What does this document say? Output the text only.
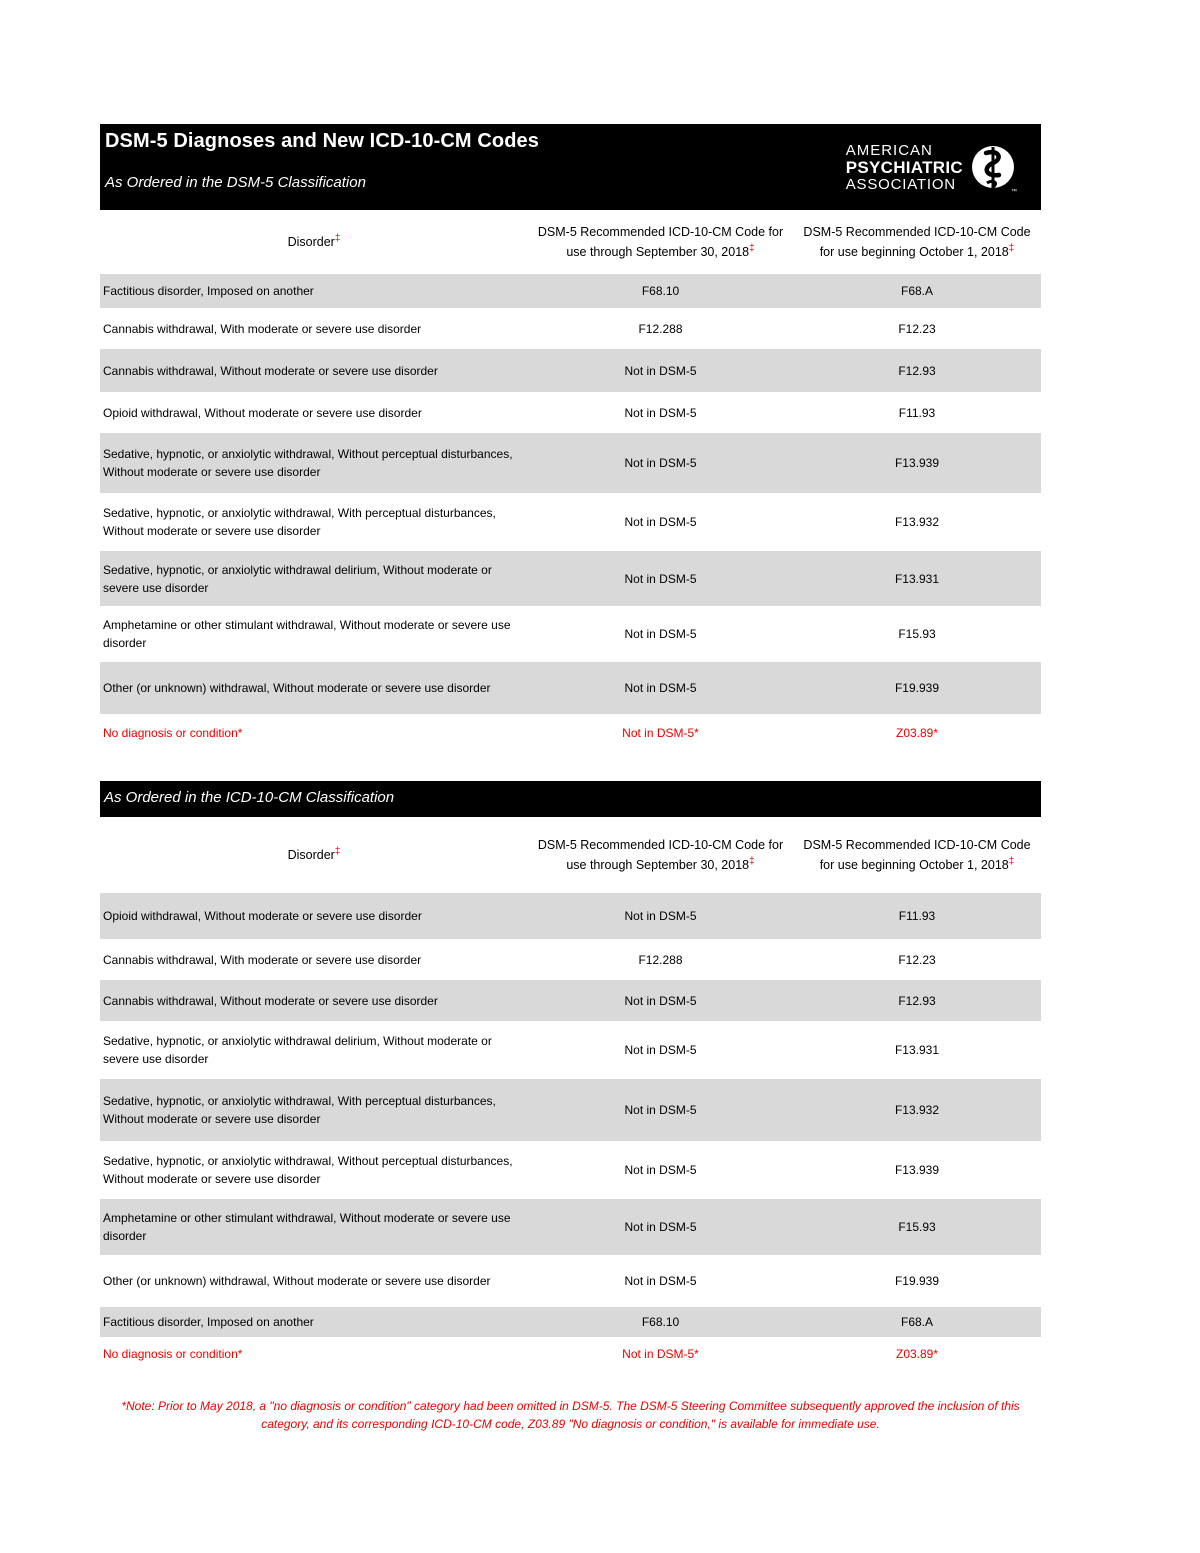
DSM-5 Diagnoses and New ICD-10-CM Codes
As Ordered in the DSM-5 Classification
AMERICAN
PSYCHIATRIC
ASSOCIATION	™
Disorder‡	DSM-5 Recommended ICD-10-CM Code for use through September 30, 2018‡	DSM-5 Recommended ICD-10-CM Code for use beginning October 1, 2018‡
Factitious disorder, Imposed on another	F68.10	F68.A
Cannabis withdrawal, With moderate or severe use disorder	F12.288	F12.23
Cannabis withdrawal, Without moderate or severe use disorder	Not in DSM-5	F12.93
Opioid withdrawal, Without moderate or severe use disorder	Not in DSM-5	F11.93
Sedative, hypnotic, or anxiolytic withdrawal, Without perceptual disturbances, Without moderate or severe use disorder	Not in DSM-5	F13.939
Sedative, hypnotic, or anxiolytic withdrawal, With perceptual disturbances, Without moderate or severe use disorder	Not in DSM-5	F13.932
Sedative, hypnotic, or anxiolytic withdrawal delirium, Without moderate or severe use disorder	Not in DSM-5	F13.931
Amphetamine or other stimulant withdrawal, Without moderate or severe use disorder	Not in DSM-5	F15.93
Other (or unknown) withdrawal, Without moderate or severe use disorder	Not in DSM-5	F19.939
No diagnosis or condition*	Not in DSM-5*	Z03.89*
As Ordered in the ICD-10-CM Classification
Disorder‡	DSM-5 Recommended ICD-10-CM Code for use through September 30, 2018‡	DSM-5 Recommended ICD-10-CM Code for use beginning October 1, 2018‡
Opioid withdrawal, Without moderate or severe use disorder	Not in DSM-5	F11.93
Cannabis withdrawal, With moderate or severe use disorder	F12.288	F12.23
Cannabis withdrawal, Without moderate or severe use disorder	Not in DSM-5	F12.93
Sedative, hypnotic, or anxiolytic withdrawal delirium, Without moderate or severe use disorder	Not in DSM-5	F13.931
Sedative, hypnotic, or anxiolytic withdrawal, With perceptual disturbances, Without moderate or severe use disorder	Not in DSM-5	F13.932
Sedative, hypnotic, or anxiolytic withdrawal, Without perceptual disturbances, Without moderate or severe use disorder	Not in DSM-5	F13.939
Amphetamine or other stimulant withdrawal, Without moderate or severe use disorder	Not in DSM-5	F15.93
Other (or unknown) withdrawal, Without moderate or severe use disorder	Not in DSM-5	F19.939
Factitious disorder, Imposed on another	F68.10	F68.A
No diagnosis or condition*	Not in DSM-5*	Z03.89*
*Note: Prior to May 2018, a "no diagnosis or condition" category had been omitted in DSM-5. The DSM-5 Steering Committee subsequently approved the inclusion of this category, and its corresponding ICD-10-CM code, Z03.89 "No diagnosis or condition," is available for immediate use.
